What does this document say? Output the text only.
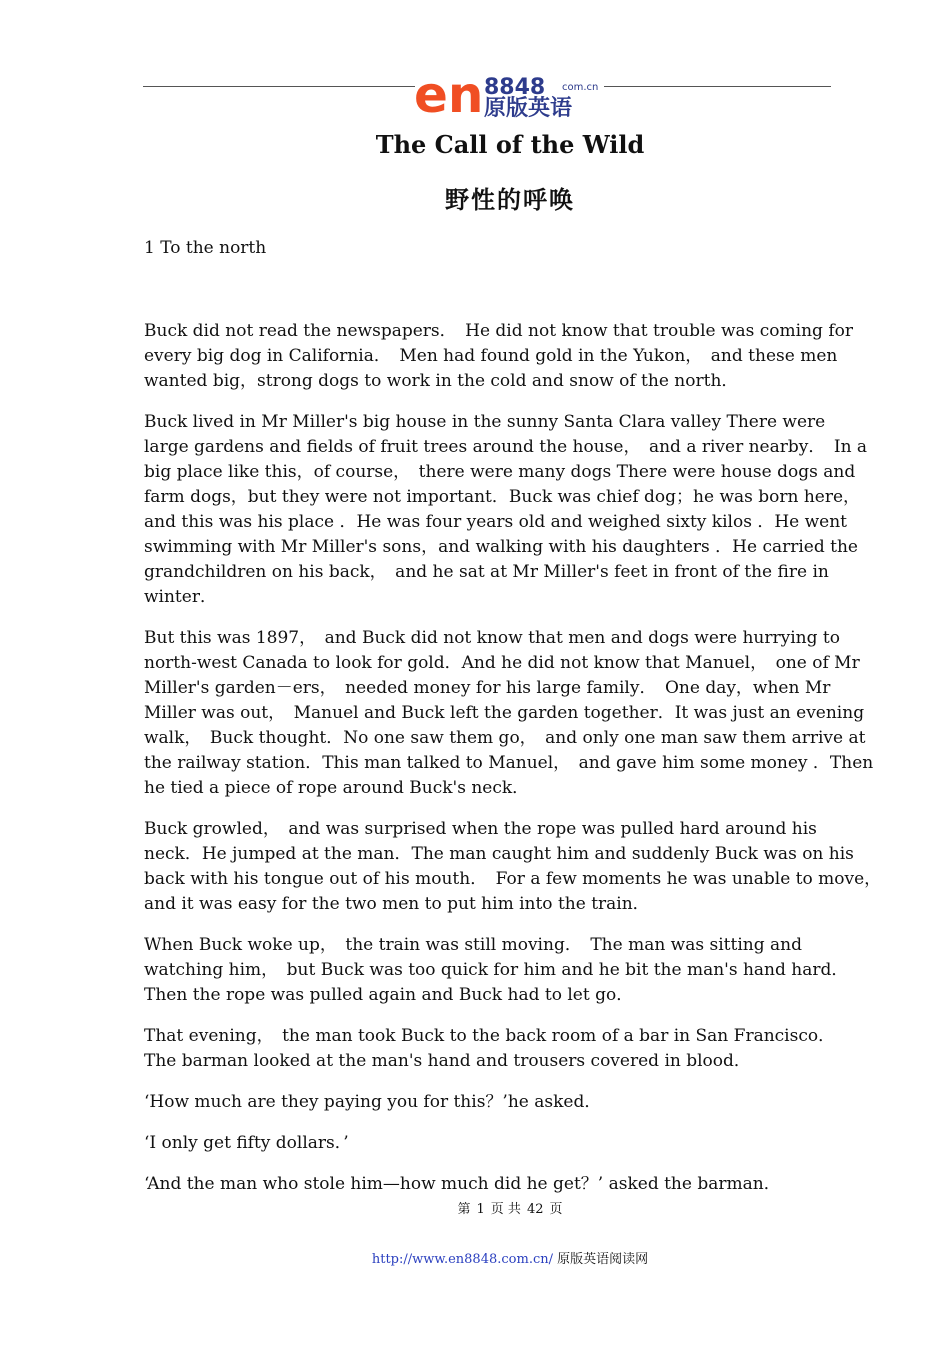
en 8848 com.cn
原版英语
The Call of the Wild
野性的呼唤
1 To the north

Buck did not read the newspapers．　He did not know that trouble was coming for every big dog in California．　Men had found gold in the Yukon，　and these men wanted big，strong dogs to work in the cold and snow of the north．

Buck lived in Mr Miller's big house in the sunny Santa Clara valley There were large gardens and fields of fruit trees around the house，　and a river nearby．　In a big place like this，of course，　there were many dogs There were house dogs and farm dogs，but they were not important．Buck was chief dog；he was born here，　and this was his place ．He was four years old and weighed sixty kilos ．He went swimming with Mr Miller's sons，and walking with his daughters ．He carried the grandchildren on his back，　and he sat at Mr Miller's feet in front of the fire in winter．

But this was 1897，　and Buck did not know that men and dogs were hurrying to north-west Canada to look for gold．And he did not know that Manuel，　one of Mr Miller's garden－ers，　needed money for his large family．　One day，when Mr Miller was out，　Manuel and Buck left the garden together．It was just an evening walk，　Buck thought．No one saw them go，　and only one man saw them arrive at the railway station．This man talked to Manuel，　and gave him some money ．Then he tied a piece of rope around Buck's neck．

Buck growled，　and was surprised when the rope was pulled hard around his neck．He jumped at the man．The man caught him and suddenly Buck was on his back with his tongue out of his mouth．　For a few moments he was unable to move，　and it was easy for the two men to put him into the train．

When Buck woke up，　the train was still moving．　The man was sitting and watching him，　but Buck was too quick for him and he bit the man's hand hard．Then the rope was pulled again and Buck had to let go．

That evening，　the man took Buck to the back room of a bar in San Francisco．　The barman looked at the man's hand and trousers covered in blood．

‘How much are they paying you for this？’he asked．

‘I only get fifty dollars．’

‘And the man who stole him—how much did he get？’ asked the barman．

第 1 页 共 42 页
http://www.en8848.com.cn/ 原版英语阅读网
